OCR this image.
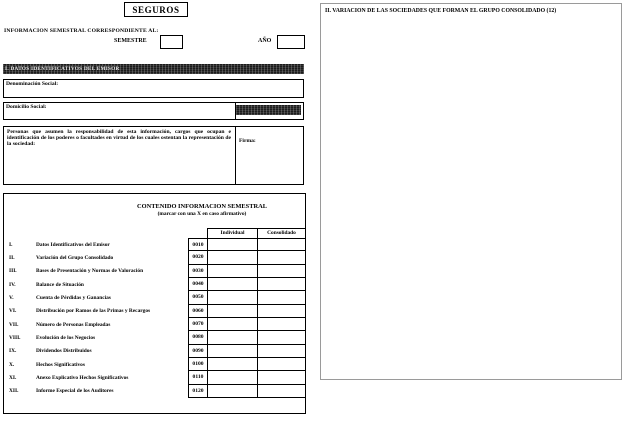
SEGUROS
INFORMACION SEMESTRAL CORRESPONDIENTE AL:
SEMESTRE	AÑO
I. DATOS IDENTIFICATIVOS DEL EMISOR
Denominación Social:
Domicilio Social:
Personas que asumen la responsabilidad de esta información, cargos que ocupan e identificación de los poderes o facultades en virtud de los cuales ostentan la representación de la sociedad:
Firma:
CONTENIDO INFORMACION SEMESTRAL
(marcar con una X en caso afirmativo)
Individual	Consolidado
I.	Datos Identificativos del Emisor	0010
II.	Variación del Grupo Consolidado	0020
III.	Bases de Presentación y Normas de Valoración	0030
IV.	Balance de Situación	0040
V.	Cuenta de Pérdidas y Ganancias	0050
VI.	Distribución por Ramos de las Primas y Recargos	0060
VII.	Número de Personas Empleadas	0070
VIII.	Evolución de los Negocios	0080
IX.	Dividendos Distribuidos	0090
X.	Hechos Significativos	0100
XI.	Anexo Explicativo Hechos Significativos	0110
XII.	Informe Especial de los Auditores	0120
II. VARIACION DE LAS SOCIEDADES QUE FORMAN EL GRUPO CONSOLIDADO (12)
